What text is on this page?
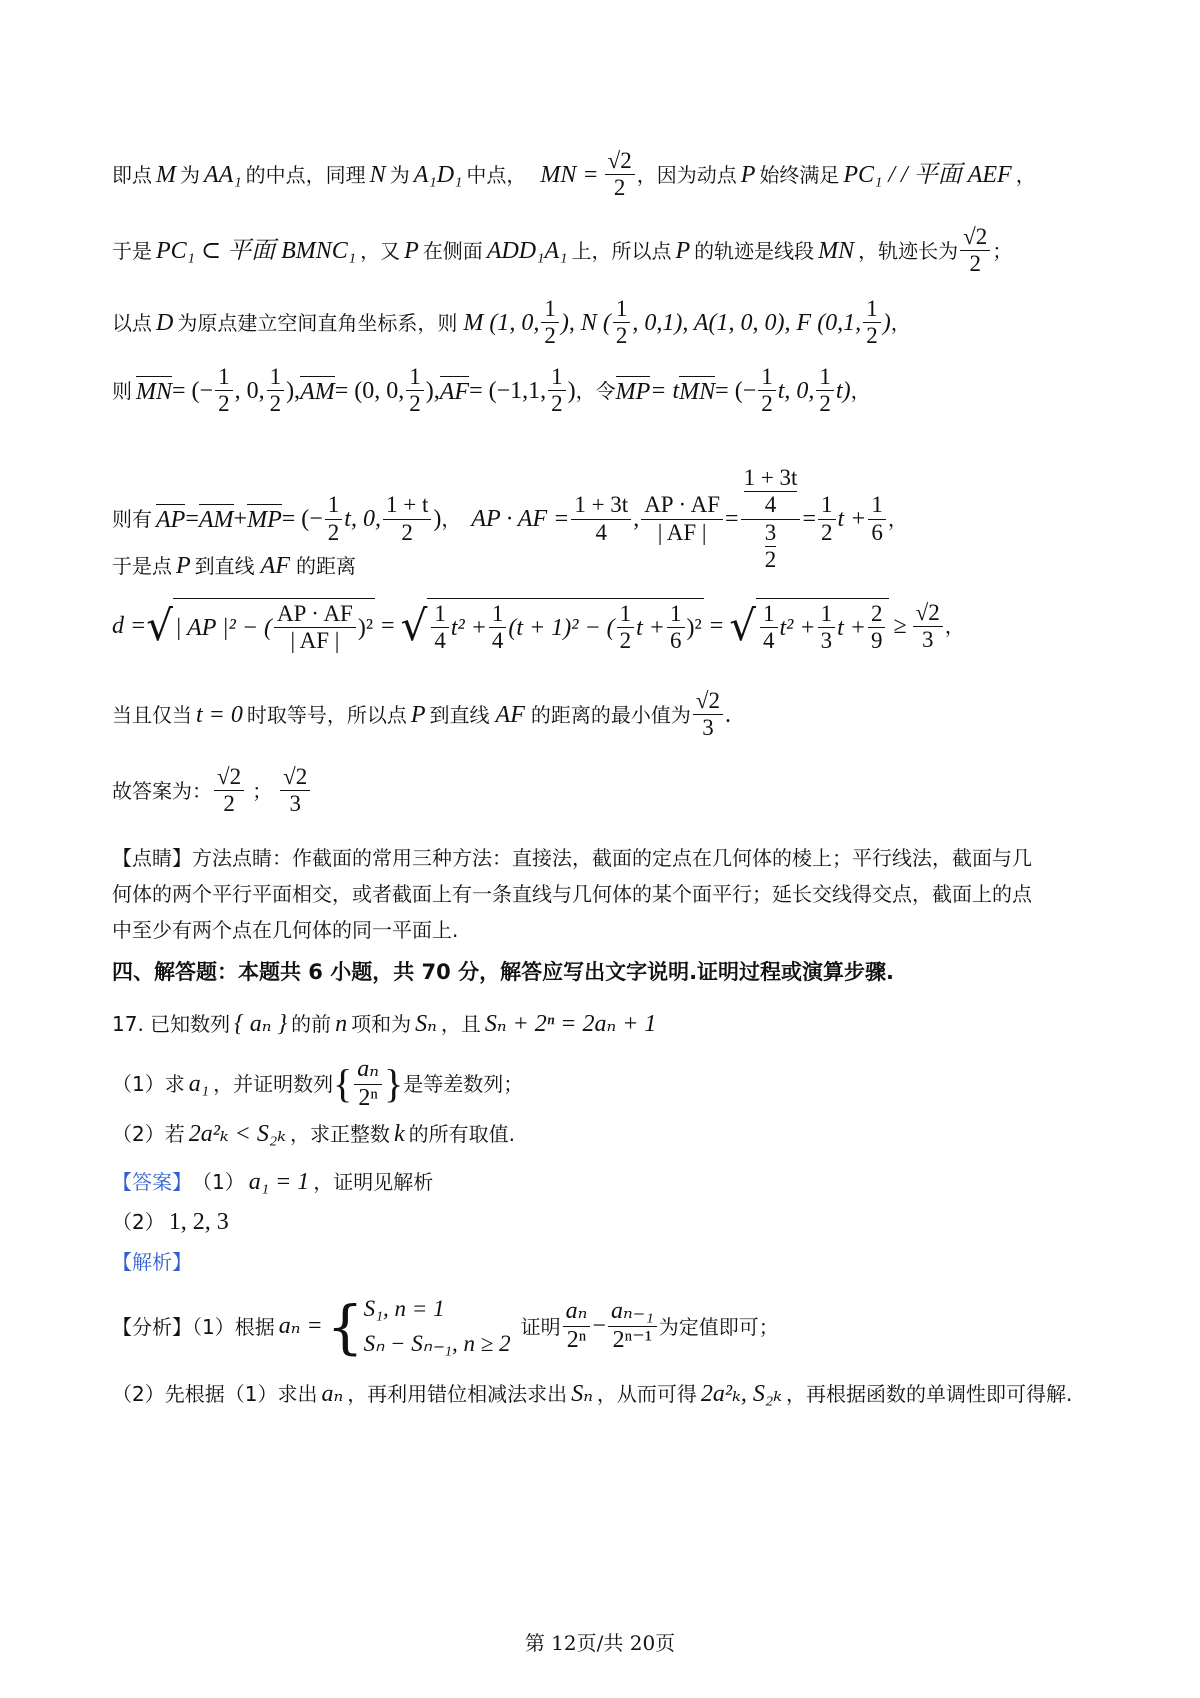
即点 M 为 AA₁ 的中点，同理 N 为 A₁D₁ 中点， MN = $\frac{√2}{2}$ ，因为动点 P 始终满足 PC₁ / / 平面 AEF ，
于是 PC₁ ⊂ 平面 BMNC₁ ，又 P 在侧面 ADD₁A₁ 上，所以点 P 的轨迹是线段 MN ，轨迹长为 $\frac{√2}{2}$ ；
以点 D 为原点建立空间直角坐标系，则 M (1, 0, $\frac{1}{2}$ ), N ( $\frac{1}{2}$ , 0,1), A(1, 0, 0), F (0,1, $\frac{1}{2}$ ) ，
则 MN = (− $\frac{1}{2}$ , 0, $\frac{1}{2}$ ), AM = (0, 0, $\frac{1}{2}$ ), AF = (−1,1, $\frac{1}{2}$ ) ，令 MP = t MN = (− $\frac{1}{2} t$, 0, $\frac{1}{2} t$) ，
则有 AP = AM + MP = (− $\frac{1}{2} t$, 0, $\frac{1 + t}{2}$ ) ， AP · AF = $\frac{1 + 3t}{4}$ , $\frac{AP \cdot AF}{| AF |} = 1 + 3t$
4
3
$2 = \frac{1}{2}$ $t + \frac{1}{6}$ ，
于是点 P 到直线 AF 的距离
d = √ | AP |² − ( $\frac{AP \cdot AF}{| AF |} )^2$ = √ $\frac{1}{4} t^2 + \frac{1}{4} (t + 1)^2$ − ( $\frac{1}{2}$ $t + \frac{1}{6} )^2$ = √ $\frac{1}{4} t^2 + \frac{1}{3}$ $t + \frac{2}{9} \ge \frac{√2}{3}$ ，
当且仅当 t = 0 时取等号，所以点 P 到直线 AF 的距离的最小值为 $\frac{√2}{3}$ .
故答案为： $\frac{√2}{2}$ ； $\frac{√2}{3}$
【点睛】方法点睛：作截面的常用三种方法：直接法，截面的定点在几何体的棱上；平行线法，截面与几
何体的两个平行平面相交，或者截面上有一条直线与几何体的某个面平行；延长交线得交点，截面上的点
中至少有两个点在几何体的同一平面上.
四、解答题：本题共 6 小题，共 70 分，解答应写出文字说明.证明过程或演算步骤.
17. 已知数列 { aₙ } 的前 n 项和为 Sₙ ，且 Sₙ + 2ⁿ = 2aₙ + 1
（1）求 a₁ ，并证明数列 { $\frac{\text{aₙ}}{\text{2ⁿ}}$ } 是等差数列；
（2）若 2a²ₖ < S₂ₖ ，求正整数 k 的所有取值.
【答案】 （1） a₁ = 1 ，证明见解析
（2） 1, 2, 3
【解析】
【分析】（1）根据 aₙ = { S₁, n = 1
Sₙ − Sₙ₋₁, n ≥ 2
证明 $\frac{\text{aₙ}}{\text{2ⁿ}} - \frac{\text{aₙ₋₁}}{\text{2ⁿ⁻¹}}$ 为定值即可；
（2）先根据（1）求出 aₙ ，再利用错位相减法求出 Sₙ ，从而可得 2a²ₖ, S₂ₖ ，再根据函数的单调性即可得解.
第 12页/共 20页
